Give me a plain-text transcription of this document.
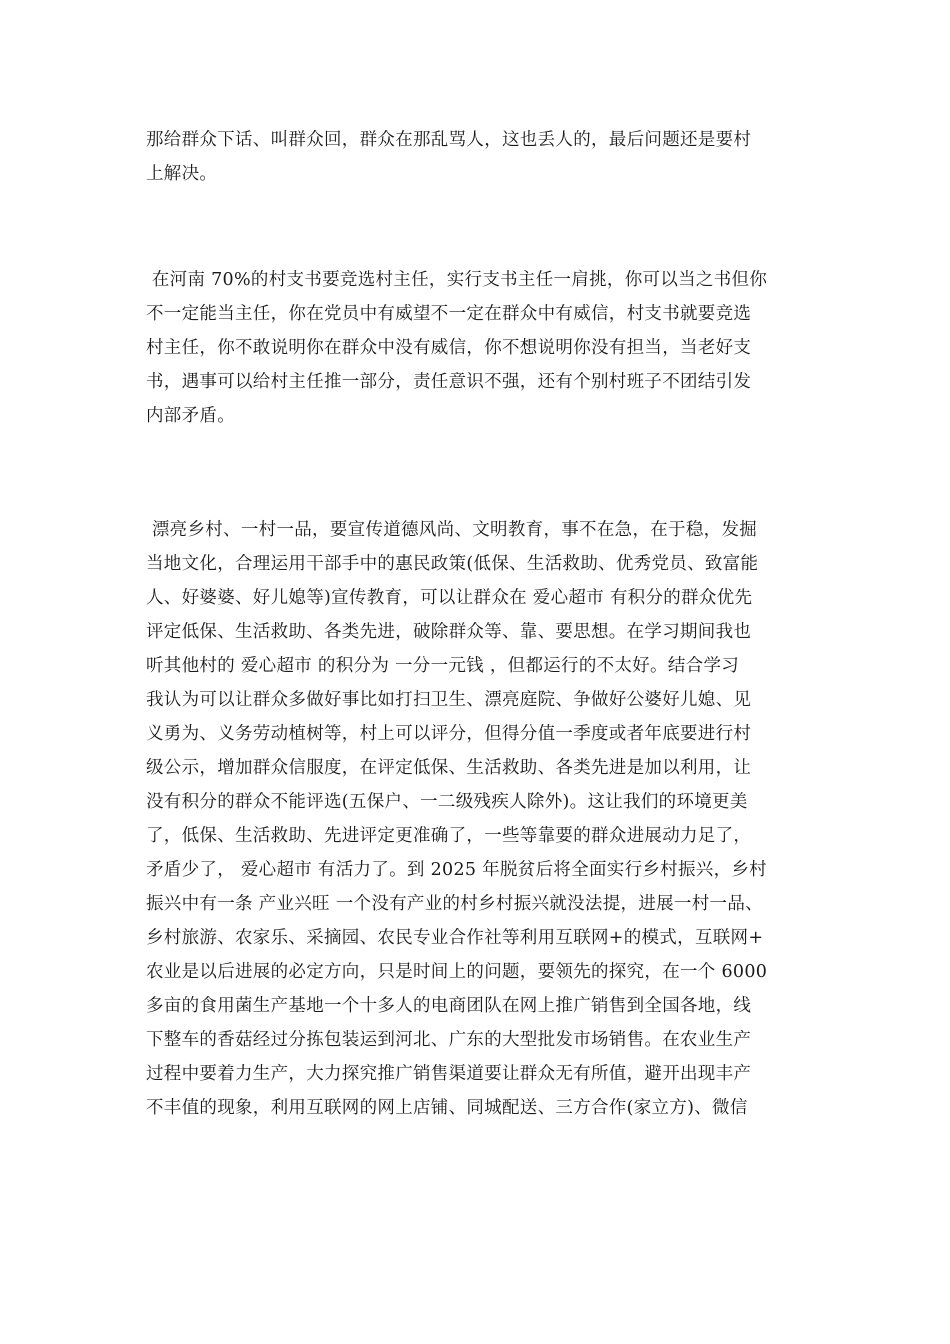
那给群众下话、叫群众回，群众在那乱骂人，这也丢人的，最后问题还是要村
上解决。
在河南 70%的村支书要竞选村主任，实行支书主任一肩挑，你可以当之书但你
不一定能当主任，你在党员中有威望不一定在群众中有威信，村支书就要竞选
村主任，你不敢说明你在群众中没有威信，你不想说明你没有担当，当老好支
书，遇事可以给村主任推一部分，责任意识不强，还有个别村班子不团结引发
内部矛盾。
漂亮乡村、一村一品，要宣传道德风尚、文明教育，事不在急，在于稳，发掘
当地文化，合理运用干部手中的惠民政策(低保、生活救助、优秀党员、致富能
人、好婆婆、好儿媳等)宣传教育，可以让群众在 爱心超市 有积分的群众优先
评定低保、生活救助、各类先进，破除群众等、靠、要思想。在学习期间我也
听其他村的 爱心超市 的积分为 一分一元钱 ，但都运行的不太好。结合学习
我认为可以让群众多做好事比如打扫卫生、漂亮庭院、争做好公婆好儿媳、见
义勇为、义务劳动植树等，村上可以评分，但得分值一季度或者年底要进行村
级公示，增加群众信服度，在评定低保、生活救助、各类先进是加以利用，让
没有积分的群众不能评选(五保户、一二级残疾人除外)。这让我们的环境更美
了，低保、生活救助、先进评定更准确了，一些等靠要的群众进展动力足了，
矛盾少了， 爱心超市 有活力了。到 2025 年脱贫后将全面实行乡村振兴，乡村
振兴中有一条 产业兴旺 一个没有产业的村乡村振兴就没法提，进展一村一品、
乡村旅游、农家乐、采摘园、农民专业合作社等利用互联网+的模式，互联网+
农业是以后进展的必定方向，只是时间上的问题，要领先的探究，在一个 6000
多亩的食用菌生产基地一个十多人的电商团队在网上推广销售到全国各地，线
下整车的香菇经过分拣包装运到河北、广东的大型批发市场销售。在农业生产
过程中要着力生产，大力探究推广销售渠道要让群众无有所值，避开出现丰产
不丰值的现象，利用互联网的网上店铺、同城配送、三方合作(家立方)、微信
